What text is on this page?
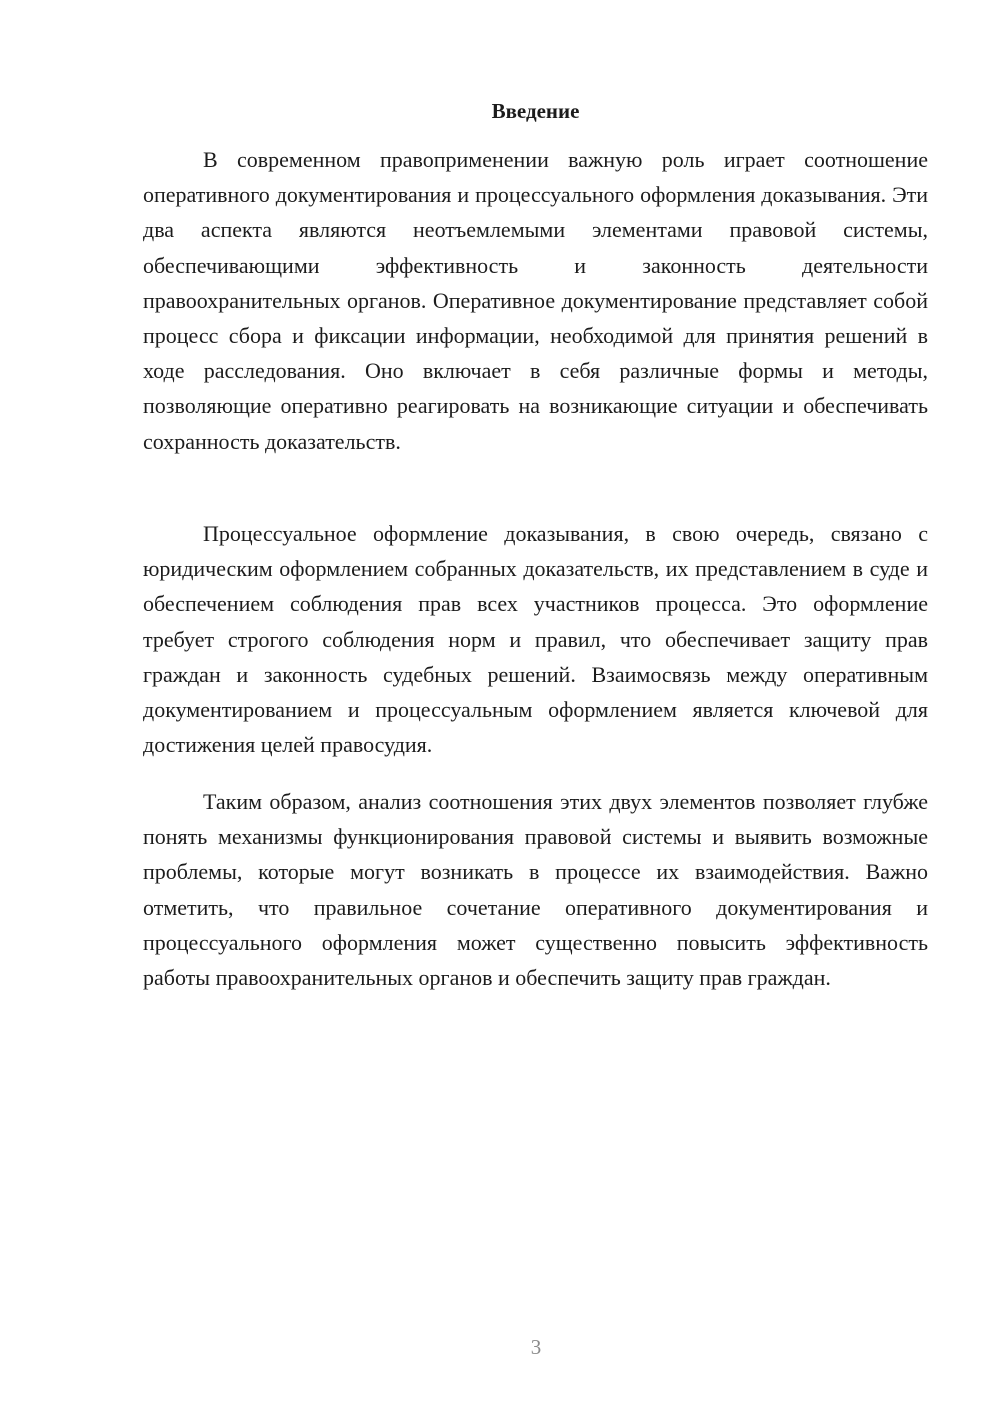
Введение

В современном правоприменении важную роль играет соотношение оперативного документирования и процессуального оформления доказывания. Эти два аспекта являются неотъемлемыми элементами правовой системы, обеспечивающими эффективность и законность деятельности правоохранительных органов. Оперативное документирование представляет собой процесс сбора и фиксации информации, необходимой для принятия решений в ходе расследования. Оно включает в себя различные формы и методы, позволяющие оперативно реагировать на возникающие ситуации и обеспечивать сохранность доказательств.

Процессуальное оформление доказывания, в свою очередь, связано с юридическим оформлением собранных доказательств, их представлением в суде и обеспечением соблюдения прав всех участников процесса. Это оформление требует строгого соблюдения норм и правил, что обеспечивает защиту прав граждан и законность судебных решений. Взаимосвязь между оперативным документированием и процессуальным оформлением является ключевой для достижения целей правосудия.

Таким образом, анализ соотношения этих двух элементов позволяет глубже понять механизмы функционирования правовой системы и выявить возможные проблемы, которые могут возникать в процессе их взаимодействия. Важно отметить, что правильное сочетание оперативного документирования и процессуального оформления может существенно повысить эффективность работы правоохранительных органов и обеспечить защиту прав граждан.

3
